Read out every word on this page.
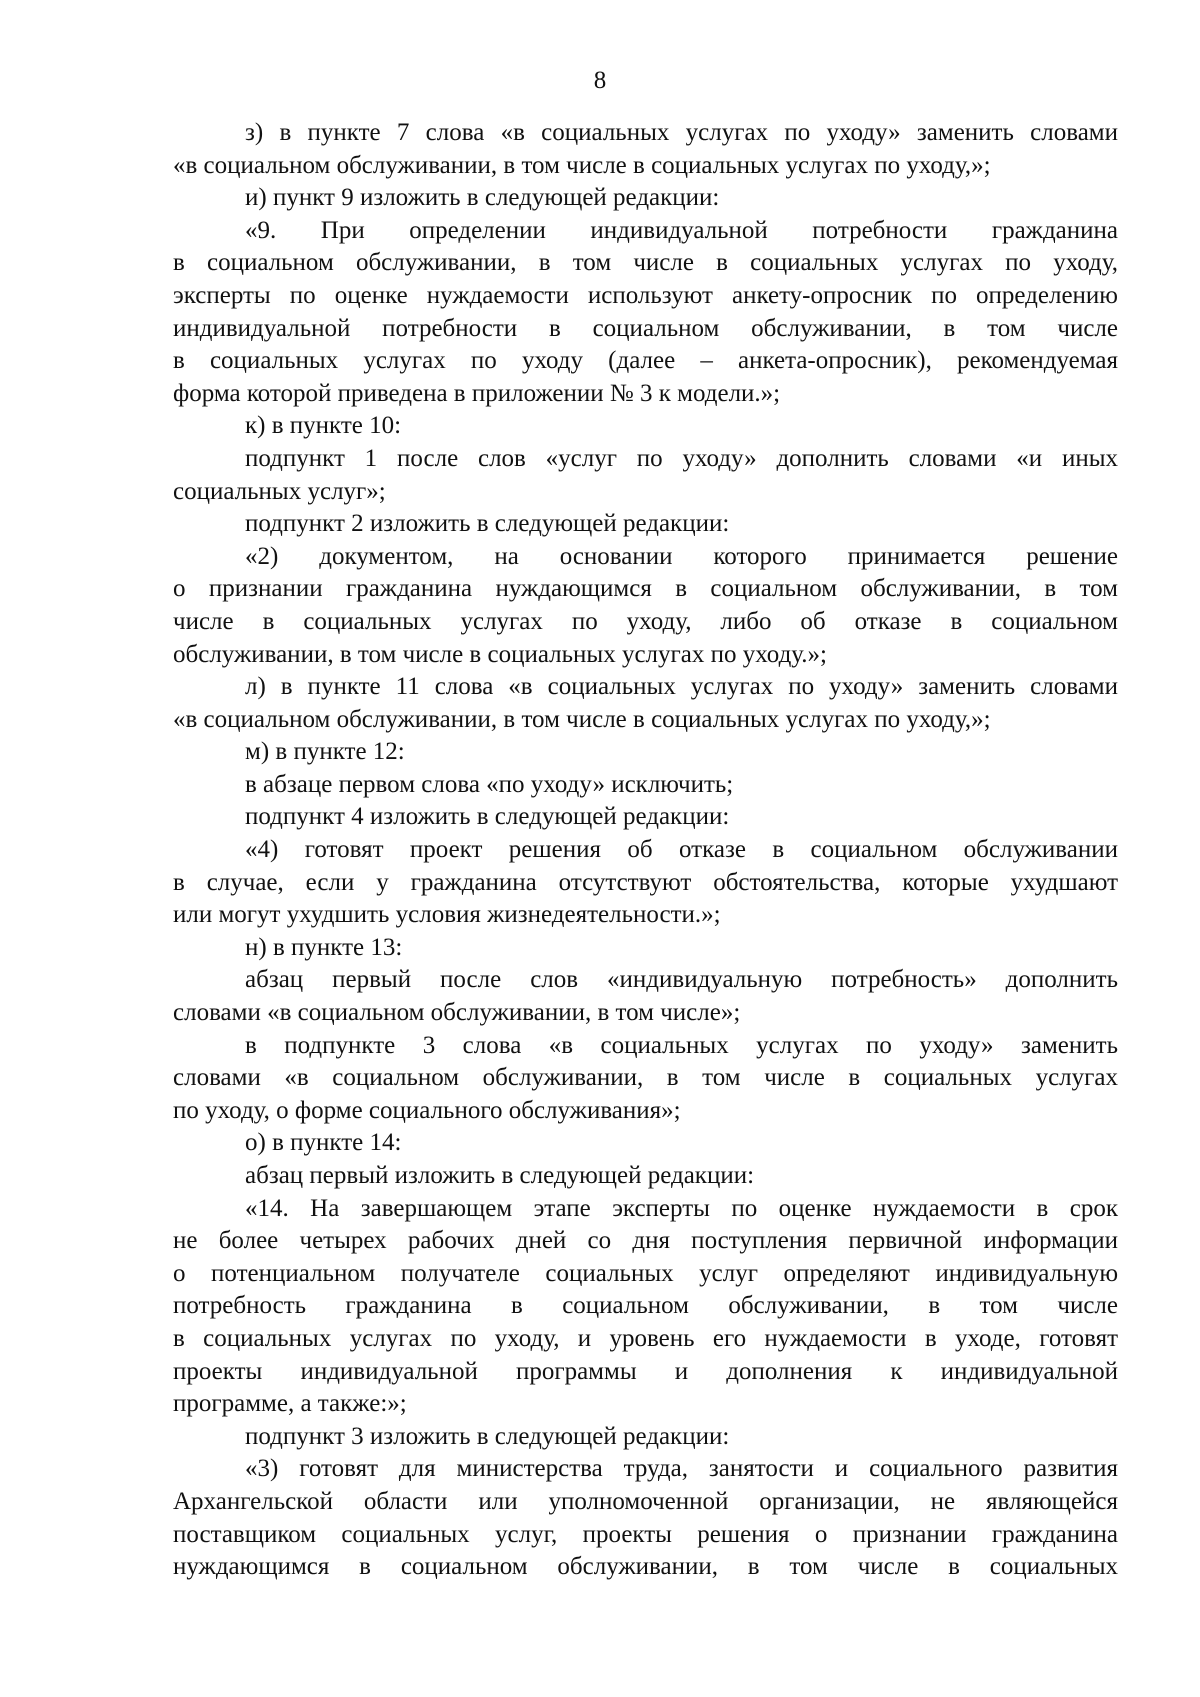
8
з) в пункте 7 слова «в социальных услугах по уходу» заменить словами
«в социальном обслуживании, в том числе в социальных услугах по уходу,»;
и) пункт 9 изложить в следующей редакции:
«9. При определении индивидуальной потребности гражданина
в социальном обслуживании, в том числе в социальных услугах по уходу,
эксперты по оценке нуждаемости используют анкету-опросник по определению
индивидуальной потребности в социальном обслуживании, в том числе
в социальных услугах по уходу (далее – анкета-опросник), рекомендуемая
форма которой приведена в приложении № 3 к модели.»;
к) в пункте 10:
подпункт 1 после слов «услуг по уходу» дополнить словами «и иных
социальных услуг»;
подпункт 2 изложить в следующей редакции:
«2) документом, на основании которого принимается решение
о признании гражданина нуждающимся в социальном обслуживании, в том
числе в социальных услугах по уходу, либо об отказе в социальном
обслуживании, в том числе в социальных услугах по уходу.»;
л) в пункте 11 слова «в социальных услугах по уходу» заменить словами
«в социальном обслуживании, в том числе в социальных услугах по уходу,»;
м) в пункте 12:
в абзаце первом слова «по уходу» исключить;
подпункт 4 изложить в следующей редакции:
«4) готовят проект решения об отказе в социальном обслуживании
в случае, если у гражданина отсутствуют обстоятельства, которые ухудшают
или могут ухудшить условия жизнедеятельности.»;
н) в пункте 13:
абзац первый после слов «индивидуальную потребность» дополнить
словами «в социальном обслуживании, в том числе»;
в подпункте 3 слова «в социальных услугах по уходу» заменить
словами «в социальном обслуживании, в том числе в социальных услугах
по уходу, о форме социального обслуживания»;
о) в пункте 14:
абзац первый изложить в следующей редакции:
«14. На завершающем этапе эксперты по оценке нуждаемости в срок
не более четырех рабочих дней со дня поступления первичной информации
о потенциальном получателе социальных услуг определяют индивидуальную
потребность гражданина в социальном обслуживании, в том числе
в социальных услугах по уходу, и уровень его нуждаемости в уходе, готовят
проекты индивидуальной программы и дополнения к индивидуальной
программе, а также:»;
подпункт 3 изложить в следующей редакции:
«3) готовят для министерства труда, занятости и социального развития
Архангельской области или уполномоченной организации, не являющейся
поставщиком социальных услуг, проекты решения о признании гражданина
нуждающимся в социальном обслуживании, в том числе в социальных
